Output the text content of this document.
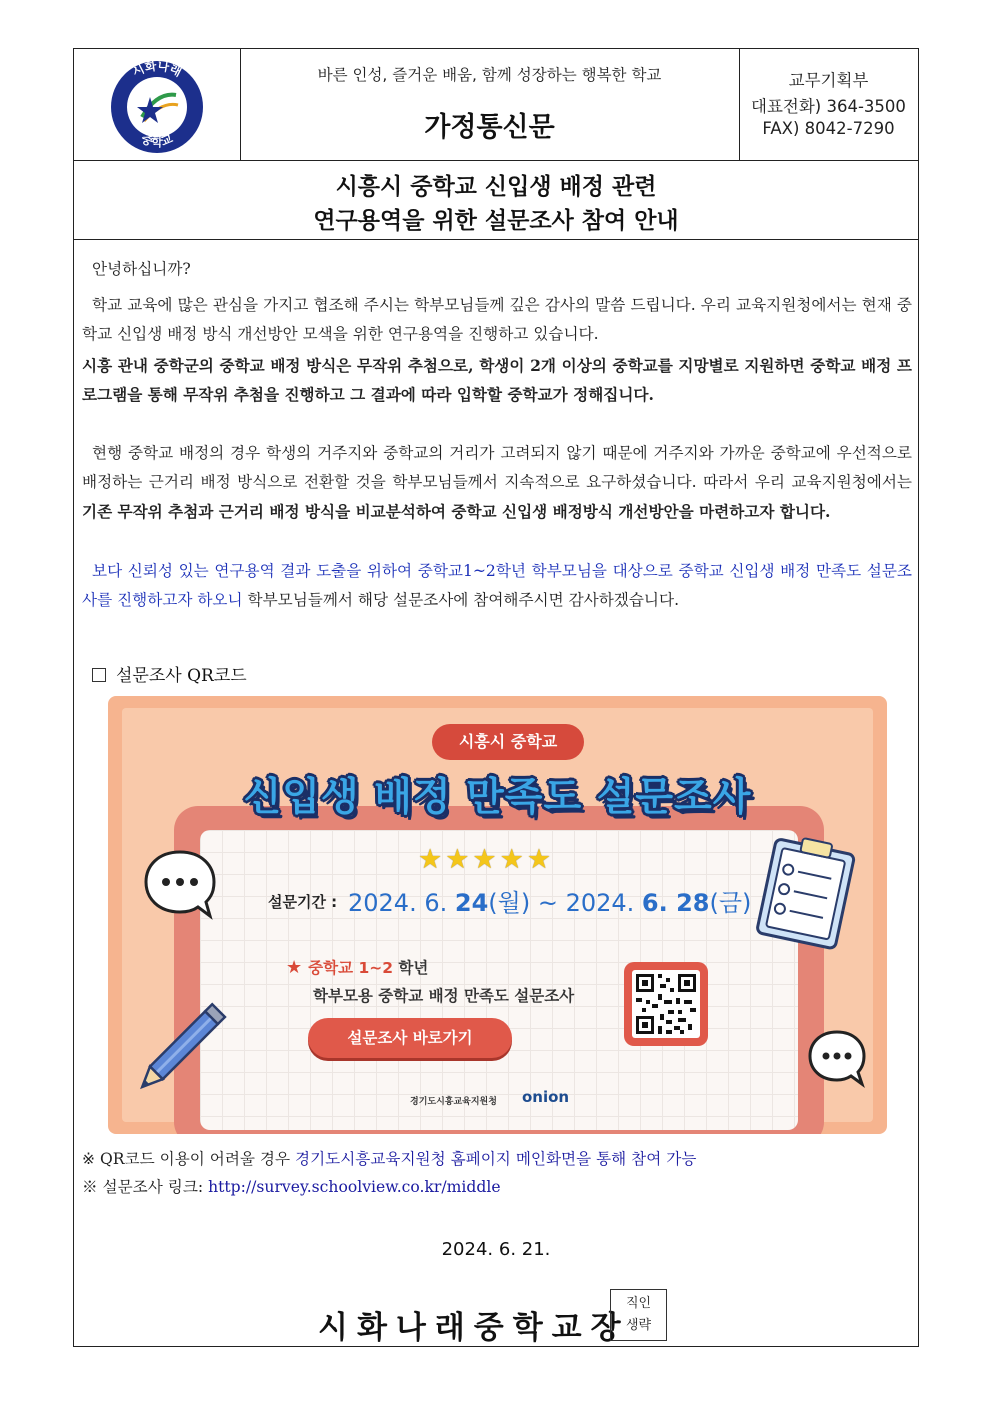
시화나래
중학교
바른 인성, 즐거운 배움, 함께 성장하는 행복한 학교
가정통신문
교무기획부
대표전화) 364-3500
FAX) 8042-7290
시흥시 중학교 신입생 배정 관련
연구용역을 위한 설문조사 참여 안내

안녕하십니까?

학교 교육에 많은 관심을 가지고 협조해 주시는 학부모님들께 깊은 감사의 말씀 드립니다. 우리 교육지원청에서는 현재 중학교 신입생 배정 방식 개선방안 모색을 위한 연구용역을 진행하고 있습니다.

시흥 관내 중학군의 중학교 배정 방식은 무작위 추첨으로, 학생이 2개 이상의 중학교를 지망별로 지원하면 중학교 배정 프로그램을 통해 무작위 추첨을 진행하고 그 결과에 따라 입학할 중학교가 정해집니다.

현행 중학교 배정의 경우 학생의 거주지와 중학교의 거리가 고려되지 않기 때문에 거주지와 가까운 중학교에 우선적으로 배정하는 근거리 배정 방식으로 전환할 것을 학부모님들께서 지속적으로 요구하셨습니다. 따라서 우리 교육지원청에서는 기존 무작위 추첨과 근거리 배정 방식을 비교분석하여 중학교 신입생 배정방식 개선방안을 마련하고자 합니다.

보다 신뢰성 있는 연구용역 결과 도출을 위하여 중학교1~2학년 학부모님을 대상으로 중학교 신입생 배정 만족도 설문조사를 진행하고자 하오니 학부모님들께서 해당 설문조사에 참여해주시면 감사하겠습니다.

설문조사 QR코드
시흥시 중학교
신입생 배정 만족도 설문조사
★★★★★
설문기간 : 2024. 6. 24(월) ~ 2024. 6. 28(금)
★ 중학교 1~2 학년
학부모용 중학교 배정 만족도 설문조사
설문조사 바로가기
경기도시흥교육지원청 onion
※ QR코드 이용이 어려울 경우 경기도시흥교육지원청 홈페이지 메인화면을 통해 참여 가능
※ 설문조사 링크: http://survey.schoolview.co.kr/middle
2024. 6. 21.
시화나래중학교장
직인
생략
